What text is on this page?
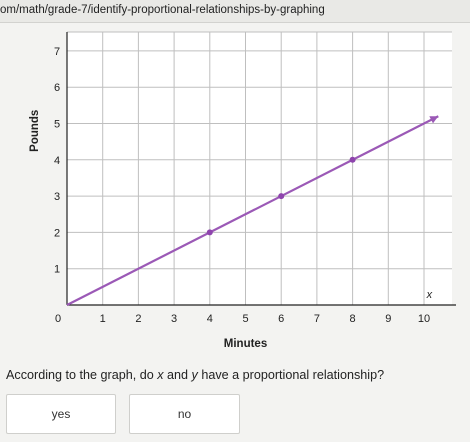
om/math/grade-7/identify-proportional-relationships-by-graphing
0	1	2	3	4	5	6	7	8	9 10
1
2
3
4
5
6
7
x
Minutes
Pounds
According to the graph, do x and y have a proportional relationship?
yes	no
